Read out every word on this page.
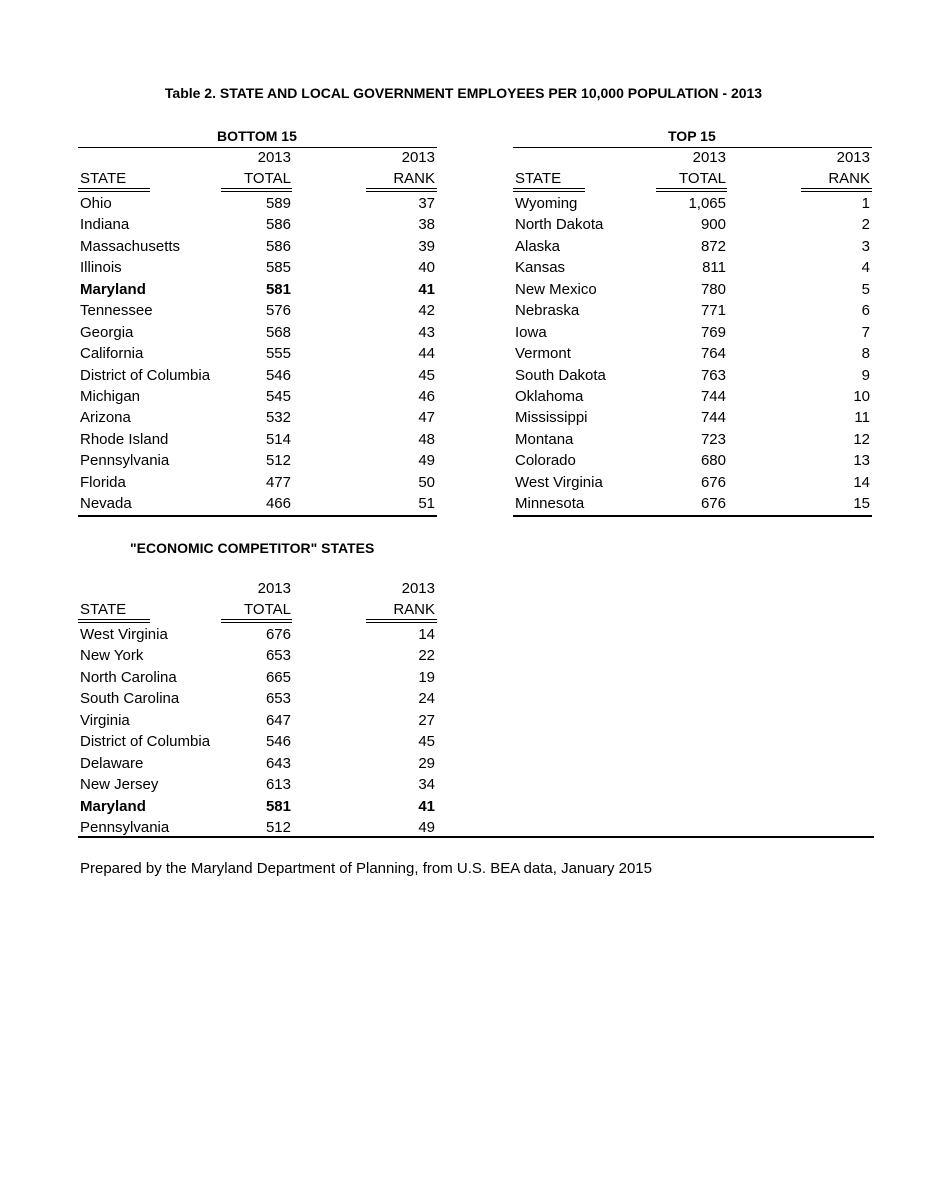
Table 2. STATE AND LOCAL GOVERNMENT EMPLOYEES PER 10,000 POPULATION - 2013
BOTTOM 15
2013	2013
STATE	TOTAL	RANK
Ohio	589	37
Indiana	586	38
Massachusetts	586	39
Illinois	585	40
Maryland	581	41
Tennessee	576	42
Georgia	568	43
California	555	44
District of Columbia	546	45
Michigan	545	46
Arizona	532	47
Rhode Island	514	48
Pennsylvania	512	49
Florida	477	50
Nevada	466	51
TOP 15
2013	2013
STATE	TOTAL	RANK
Wyoming	1,065	1
North Dakota	900	2
Alaska	872	3
Kansas	811	4
New Mexico	780	5
Nebraska	771	6
Iowa	769	7
Vermont	764	8
South Dakota	763	9
Oklahoma	744	10
Mississippi	744	11
Montana	723	12
Colorado	680	13
West Virginia	676	14
Minnesota	676	15
"ECONOMIC COMPETITOR" STATES
2013	2013
STATE	TOTAL	RANK
West Virginia	676	14
New York	653	22
North Carolina	665	19
South Carolina	653	24
Virginia	647	27
District of Columbia	546	45
Delaware	643	29
New Jersey	613	34
Maryland	581	41
Pennsylvania	512	49
Prepared by the Maryland Department of Planning, from U.S. BEA data, January 2015
